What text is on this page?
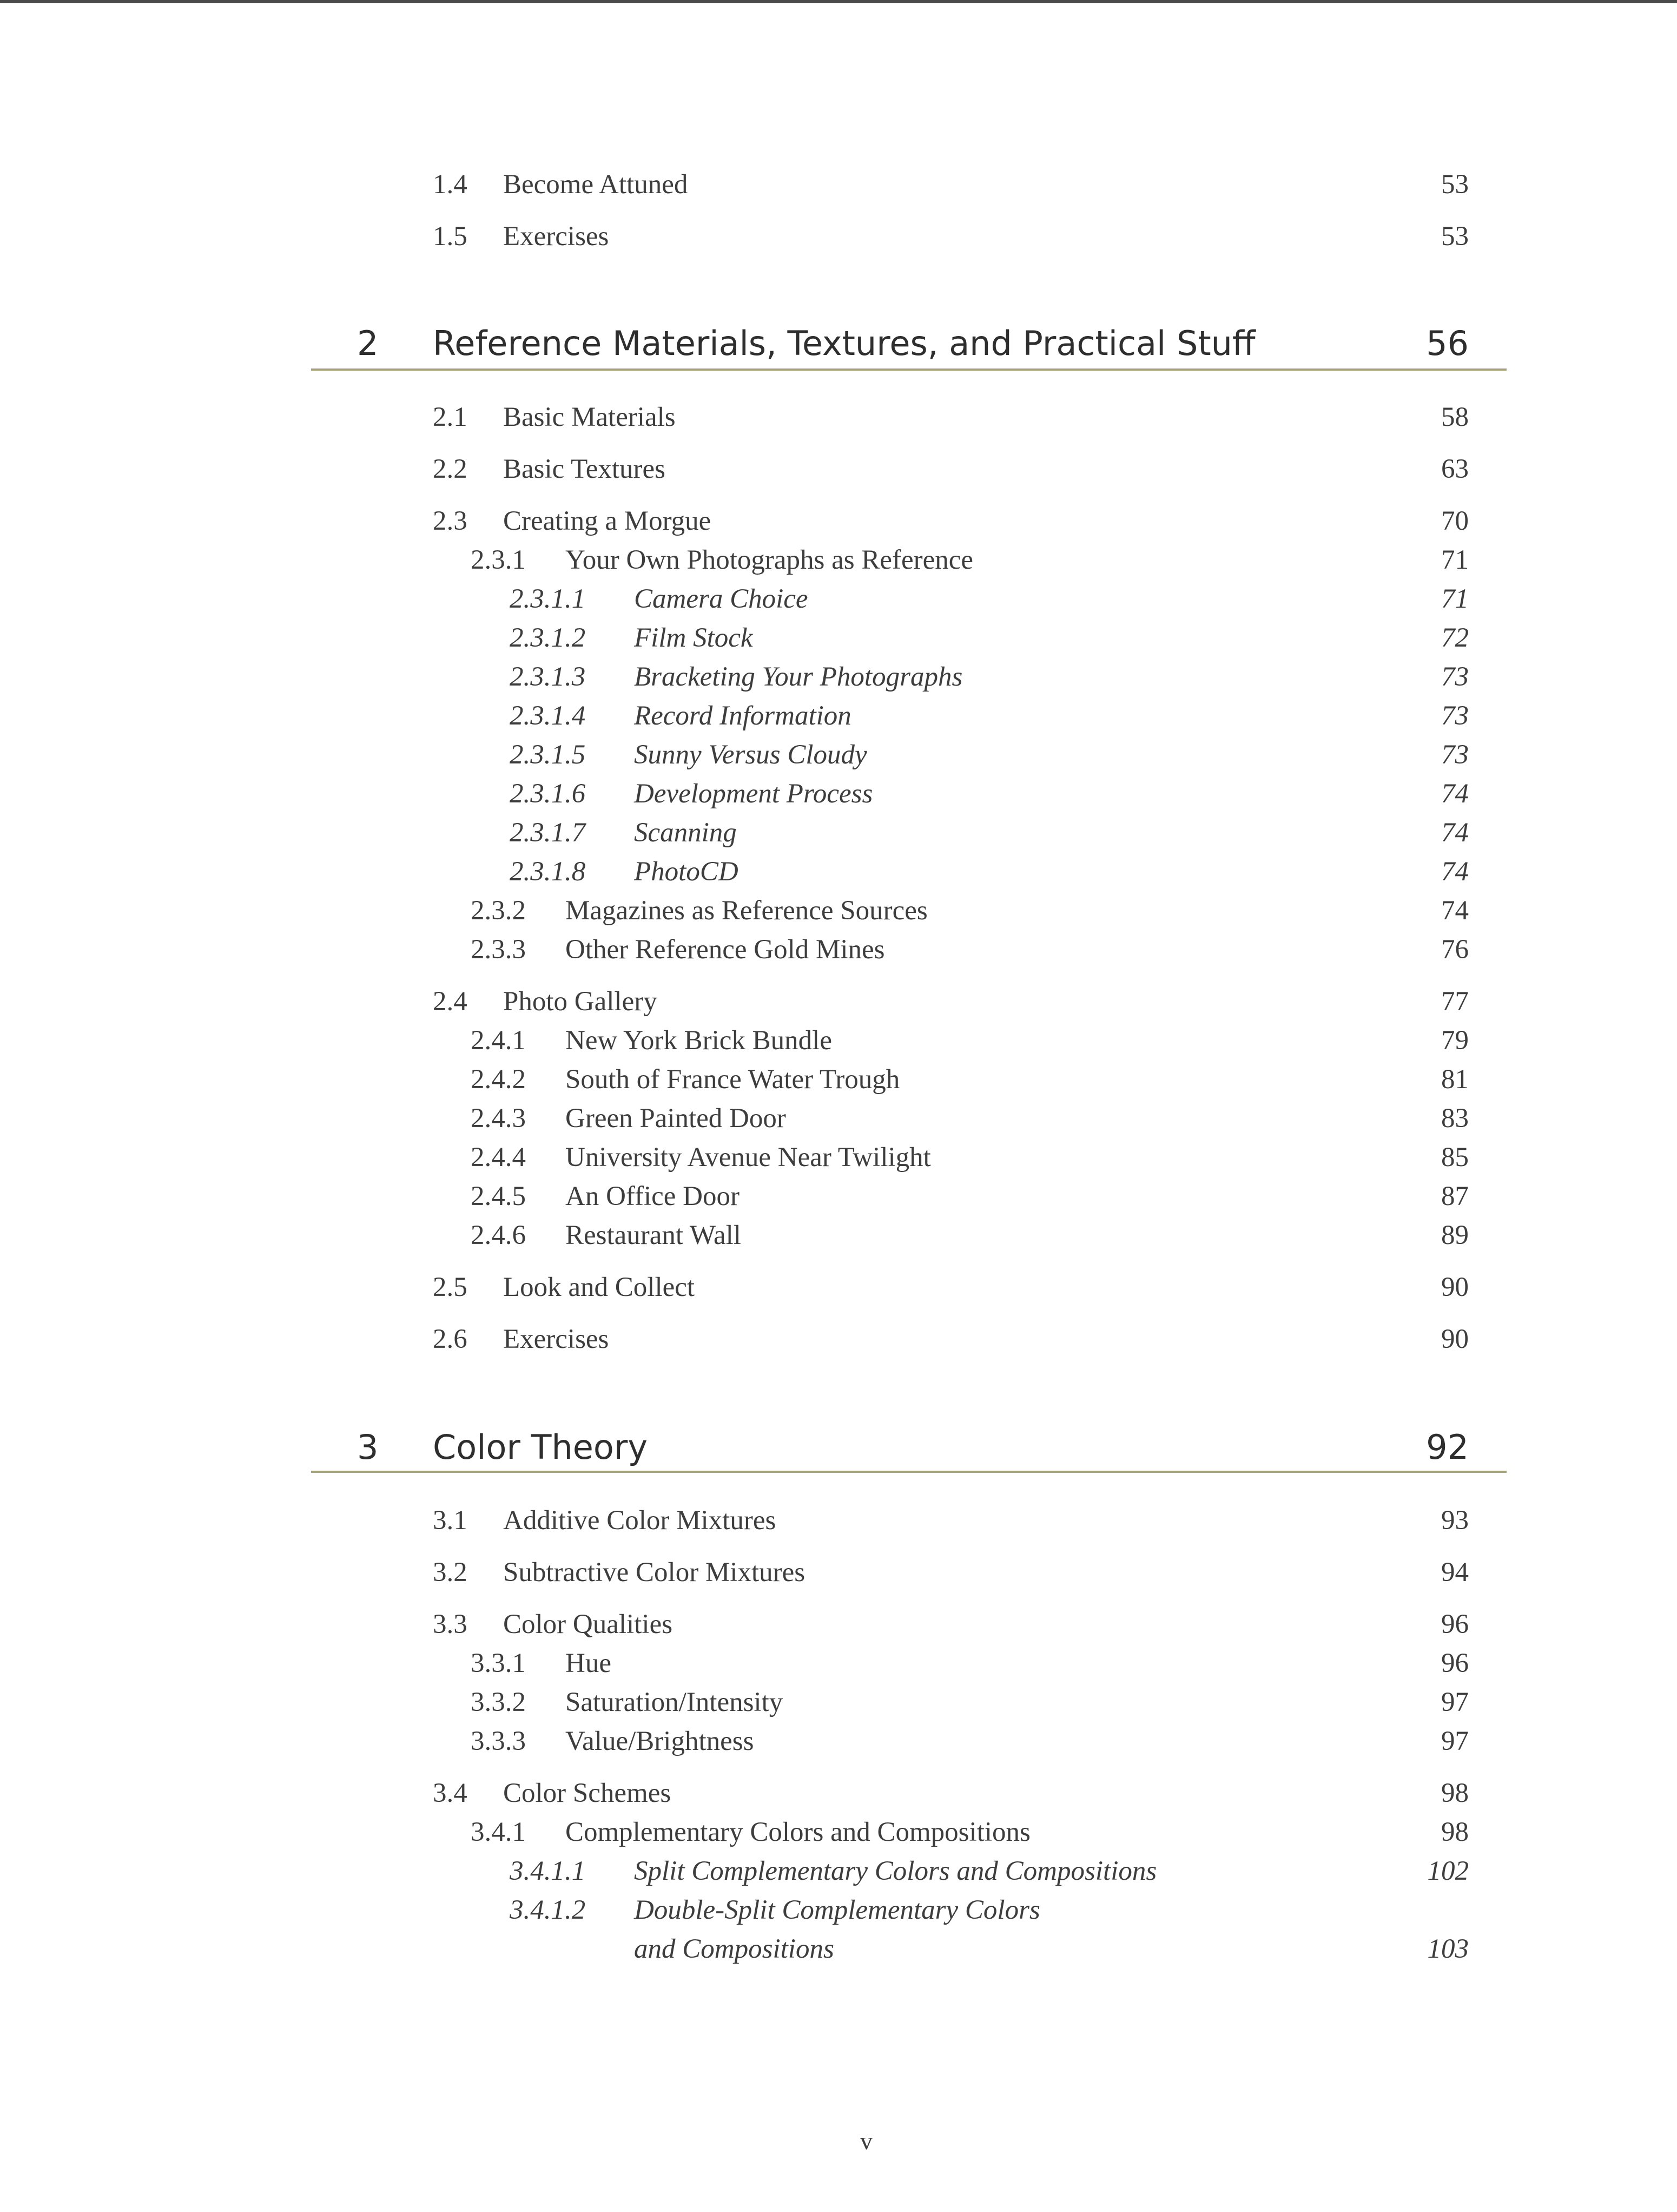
1.4 Become Attuned	53
1.5 Exercises	53
2 Reference Materials, Textures, and Practical Stuff	56
2.1 Basic Materials	58
2.2 Basic Textures	63
2.3 Creating a Morgue	70
2.3.1 Your Own Photographs as Reference	71
2.3.1.1 Camera Choice	71
2.3.1.2 Film Stock	72
2.3.1.3 Bracketing Your Photographs	73
2.3.1.4 Record Information	73
2.3.1.5 Sunny Versus Cloudy	73
2.3.1.6 Development Process	74
2.3.1.7 Scanning	74
2.3.1.8 PhotoCD	74
2.3.2 Magazines as Reference Sources	74
2.3.3 Other Reference Gold Mines	76
2.4 Photo Gallery	77
2.4.1 New York Brick Bundle	79
2.4.2 South of France Water Trough	81
2.4.3 Green Painted Door	83
2.4.4 University Avenue Near Twilight	85
2.4.5 An Office Door	87
2.4.6 Restaurant Wall	89
2.5 Look and Collect	90
2.6 Exercises	90
3 Color Theory	92
3.1 Additive Color Mixtures	93
3.2 Subtractive Color Mixtures	94
3.3 Color Qualities	96
3.3.1 Hue	96
3.3.2 Saturation/Intensity	97
3.3.3 Value/Brightness	97
3.4 Color Schemes	98
3.4.1 Complementary Colors and Compositions	98
3.4.1.1 Split Complementary Colors and Compositions	102
3.4.1.2 Double-Split Complementary Colors
and Compositions	103
v
